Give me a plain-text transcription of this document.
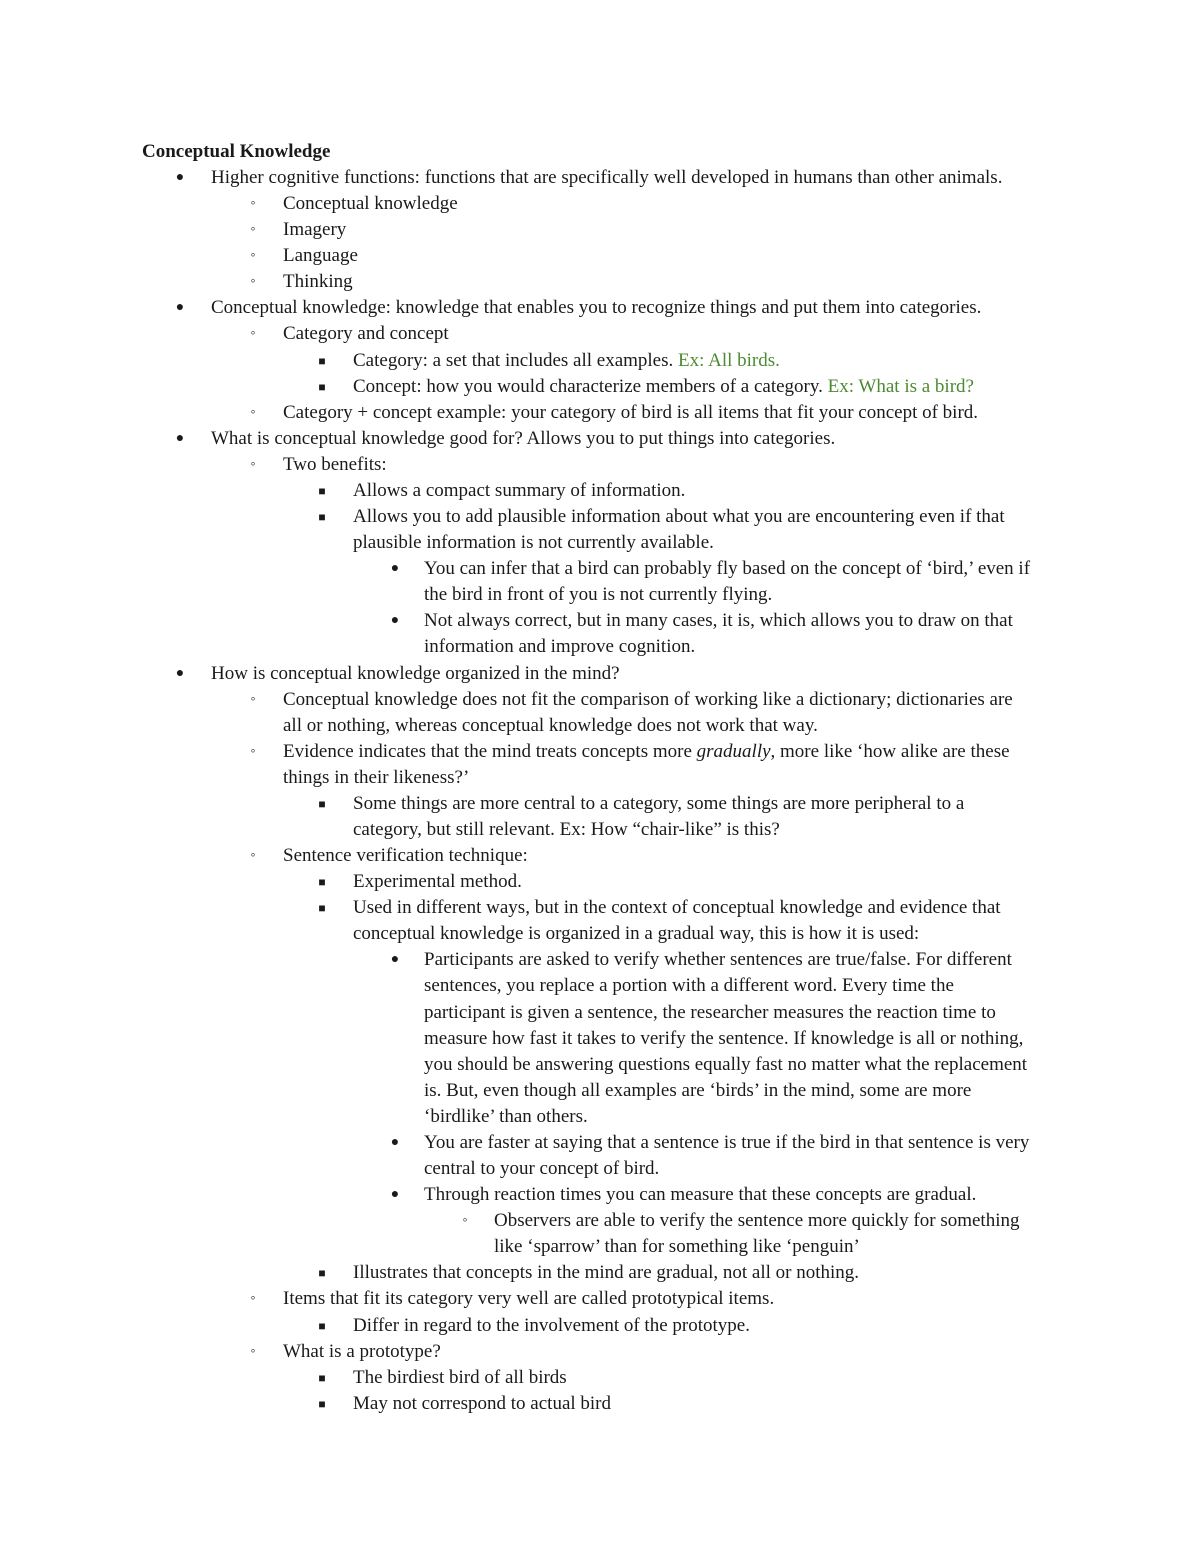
Conceptual Knowledge
●	Higher cognitive functions: functions that are specifically well developed in humans than other animals.
◦	Conceptual knowledge
◦	Imagery
◦	Language
◦	Thinking
●	Conceptual knowledge: knowledge that enables you to recognize things and put them into categories.
◦	Category and concept
■	Category: a set that includes all examples. Ex: All birds.
■	Concept: how you would characterize members of a category. Ex: What is a bird?
◦	Category + concept example: your category of bird is all items that fit your concept of bird.
●	What is conceptual knowledge good for? Allows you to put things into categories.
◦	Two benefits:
■	Allows a compact summary of information.
■	Allows you to add plausible information about what you are encountering even if that
plausible information is not currently available.
●	You can infer that a bird can probably fly based on the concept of ‘bird,’ even if
the bird in front of you is not currently flying.
●	Not always correct, but in many cases, it is, which allows you to draw on that
information and improve cognition.
●	How is conceptual knowledge organized in the mind?
◦	Conceptual knowledge does not fit the comparison of working like a dictionary; dictionaries are
all or nothing, whereas conceptual knowledge does not work that way.
◦	Evidence indicates that the mind treats concepts more gradually, more like ‘how alike are these
things in their likeness?’
■	Some things are more central to a category, some things are more peripheral to a
category, but still relevant. Ex: How “chair-like” is this?
◦	Sentence verification technique:
■	Experimental method.
■	Used in different ways, but in the context of conceptual knowledge and evidence that
conceptual knowledge is organized in a gradual way, this is how it is used:
●	Participants are asked to verify whether sentences are true/false. For different
sentences, you replace a portion with a different word. Every time the
participant is given a sentence, the researcher measures the reaction time to
measure how fast it takes to verify the sentence. If knowledge is all or nothing,
you should be answering questions equally fast no matter what the replacement
is. But, even though all examples are ‘birds’ in the mind, some are more
‘birdlike’ than others.
●	You are faster at saying that a sentence is true if the bird in that sentence is very
central to your concept of bird.
●	Through reaction times you can measure that these concepts are gradual.
◦	Observers are able to verify the sentence more quickly for something
like ‘sparrow’ than for something like ‘penguin’
■	Illustrates that concepts in the mind are gradual, not all or nothing.
◦	Items that fit its category very well are called prototypical items.
■	Differ in regard to the involvement of the prototype.
◦	What is a prototype?
■	The birdiest bird of all birds
■	May not correspond to actual bird
